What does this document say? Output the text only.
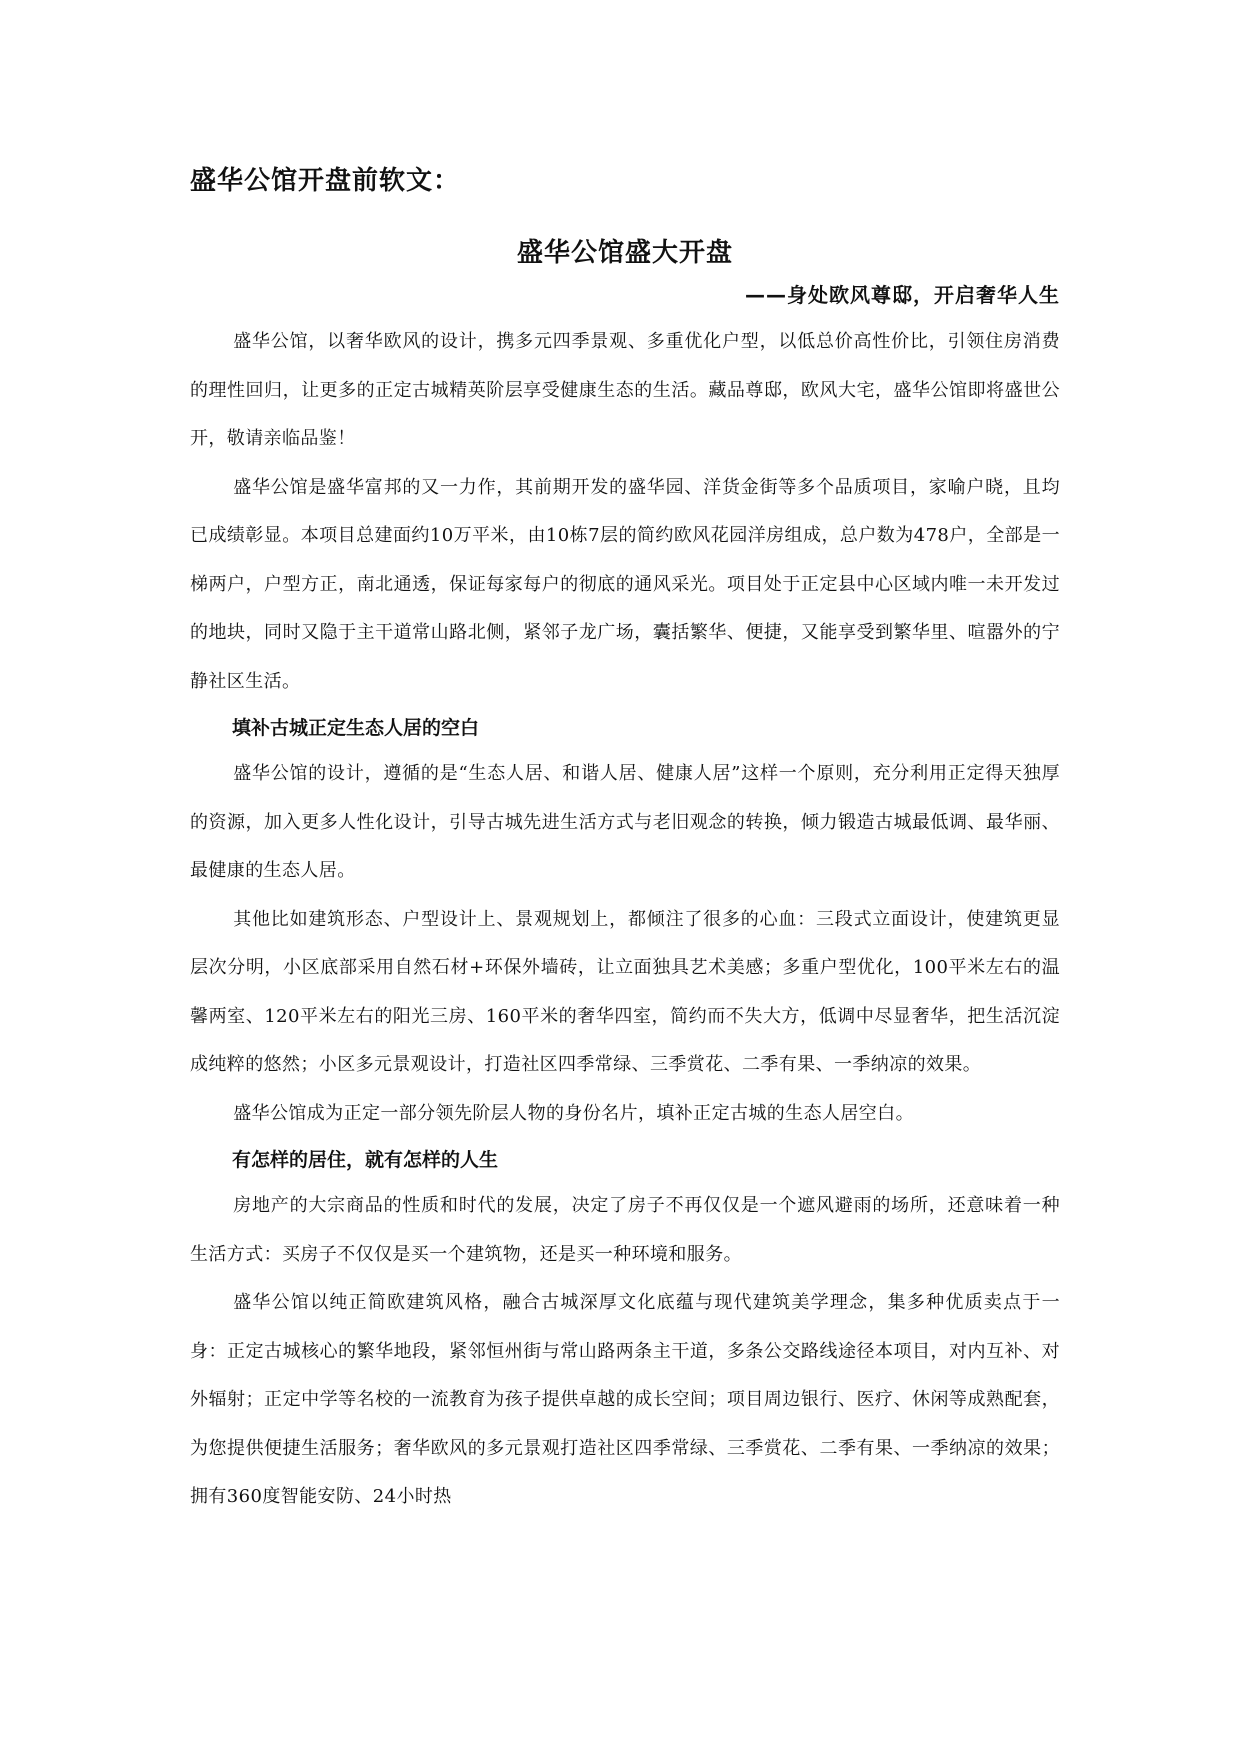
盛华公馆开盘前软文：
盛华公馆盛大开盘
——身处欧风尊邸，开启奢华人生

盛华公馆，以奢华欧风的设计，携多元四季景观、多重优化户型，以低总价高性价比，引领住房消费的理性回归，让更多的正定古城精英阶层享受健康生态的生活。藏品尊邸，欧风大宅，盛华公馆即将盛世公开，敬请亲临品鉴！

盛华公馆是盛华富邦的又一力作，其前期开发的盛华园、洋货金街等多个品质项目，家喻户晓，且均已成绩彰显。本项目总建面约10万平米，由10栋7层的简约欧风花园洋房组成，总户数为478户，全部是一梯两户，户型方正，南北通透，保证每家每户的彻底的通风采光。项目处于正定县中心区域内唯一未开发过的地块，同时又隐于主干道常山路北侧，紧邻子龙广场，囊括繁华、便捷，又能享受到繁华里、喧嚣外的宁静社区生活。

填补古城正定生态人居的空白

盛华公馆的设计，遵循的是“生态人居、和谐人居、健康人居”这样一个原则，充分利用正定得天独厚的资源，加入更多人性化设计，引导古城先进生活方式与老旧观念的转换，倾力锻造古城最低调、最华丽、最健康的生态人居。

其他比如建筑形态、户型设计上、景观规划上，都倾注了很多的心血：三段式立面设计，使建筑更显层次分明，小区底部采用自然石材+环保外墙砖，让立面独具艺术美感；多重户型优化，100平米左右的温馨两室、120平米左右的阳光三房、160平米的奢华四室，简约而不失大方，低调中尽显奢华，把生活沉淀成纯粹的悠然；小区多元景观设计，打造社区四季常绿、三季赏花、二季有果、一季纳凉的效果。

盛华公馆成为正定一部分领先阶层人物的身份名片，填补正定古城的生态人居空白。

有怎样的居住，就有怎样的人生

房地产的大宗商品的性质和时代的发展，决定了房子不再仅仅是一个遮风避雨的场所，还意味着一种生活方式：买房子不仅仅是买一个建筑物，还是买一种环境和服务。

盛华公馆以纯正简欧建筑风格，融合古城深厚文化底蕴与现代建筑美学理念，集多种优质卖点于一身：正定古城核心的繁华地段，紧邻恒州街与常山路两条主干道，多条公交路线途径本项目，对内互补、对外辐射；正定中学等名校的一流教育为孩子提供卓越的成长空间；项目周边银行、医疗、休闲等成熟配套，为您提供便捷生活服务；奢华欧风的多元景观打造社区四季常绿、三季赏花、二季有果、一季纳凉的效果；拥有360度智能安防、24小时热
